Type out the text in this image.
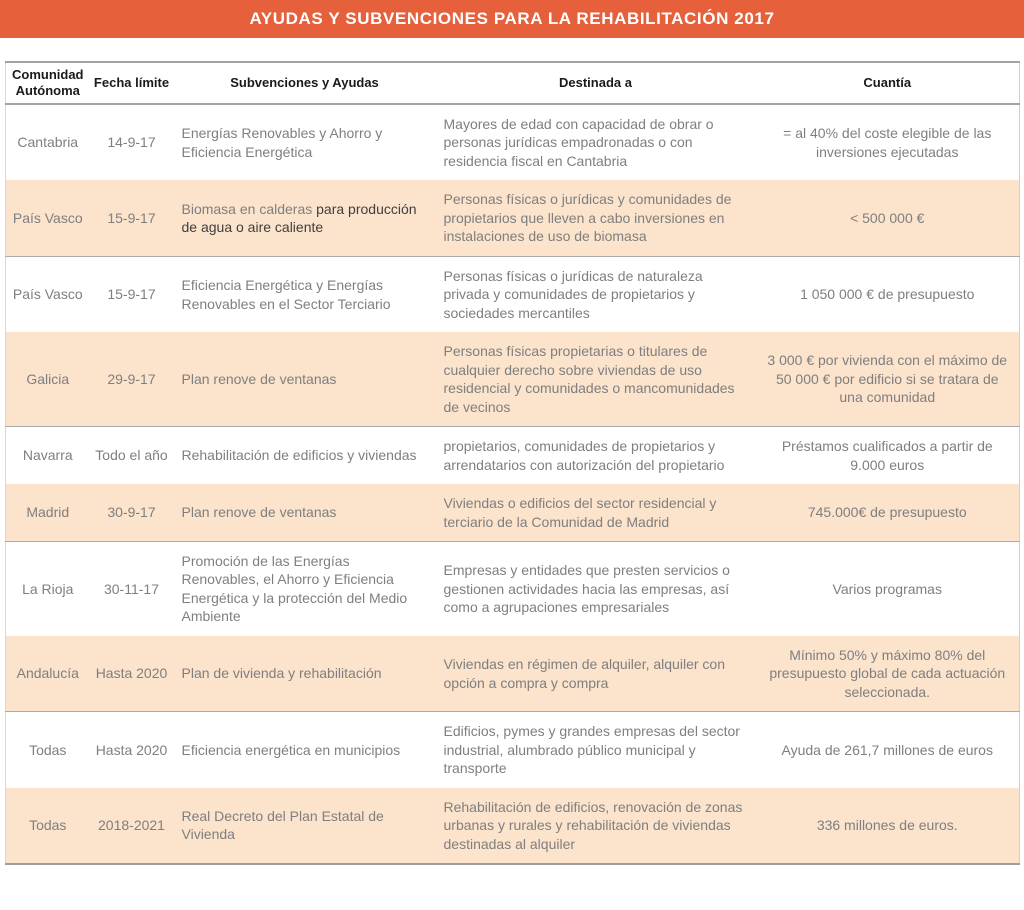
AYUDAS Y SUBVENCIONES PARA LA REHABILITACIÓN 2017
Comunidad Autónoma	Fecha límite	Subvenciones y Ayudas	Destinada a	Cuantía
Cantabria	14-9-17	Energías Renovables y Ahorro y Eficiencia Energética	Mayores de edad con capacidad de obrar o personas jurídicas empadronadas o con residencia fiscal en Cantabria	= al 40% del coste elegible de las inversiones ejecutadas
País Vasco	15-9-17	Biomasa en calderas para producción de agua o aire caliente	Personas físicas o jurídicas y comunidades de propietarios que lleven a cabo inversiones en instalaciones de uso de biomasa	< 500 000 €
País Vasco	15-9-17	Eficiencia Energética y Energías Renovables en el Sector Terciario	Personas físicas o jurídicas de naturaleza privada y comunidades de propietarios y sociedades mercantiles	1 050 000 € de presupuesto
Galicia	29-9-17	Plan renove de ventanas	Personas físicas propietarias o titulares de cualquier derecho sobre viviendas de uso residencial y comunidades o mancomunidades de vecinos	3 000 € por vivienda con el máximo de 50 000 € por edificio si se tratara de una comunidad
Navarra	Todo el año	Rehabilitación de edificios y viviendas	propietarios, comunidades de propietarios y arrendatarios con autorización del propietario	Préstamos cualificados a partir de 9.000 euros
Madrid	30-9-17	Plan renove de ventanas	Viviendas o edificios del sector residencial y terciario de la Comunidad de Madrid	745.000€ de presupuesto
La Rioja	30-11-17	Promoción de las Energías Renovables, el Ahorro y Eficiencia Energética y la protección del Medio Ambiente	Empresas y entidades que presten servicios o gestionen actividades hacia las empresas, así como a agrupaciones empresariales	Varios programas
Andalucía	Hasta 2020	Plan de vivienda y rehabilitación	Viviendas en régimen de alquiler, alquiler con opción a compra y compra	Mínimo 50% y máximo 80% del presupuesto global de cada actuación seleccionada.
Todas	Hasta 2020	Eficiencia energética en municipios	Edificios, pymes y grandes empresas del sector industrial, alumbrado público municipal y transporte	Ayuda de 261,7 millones de euros
Todas	2018-2021	Real Decreto del Plan Estatal de Vivienda	Rehabilitación de edificios, renovación de zonas urbanas y rurales y rehabilitación de viviendas destinadas al alquiler	336 millones de euros.
